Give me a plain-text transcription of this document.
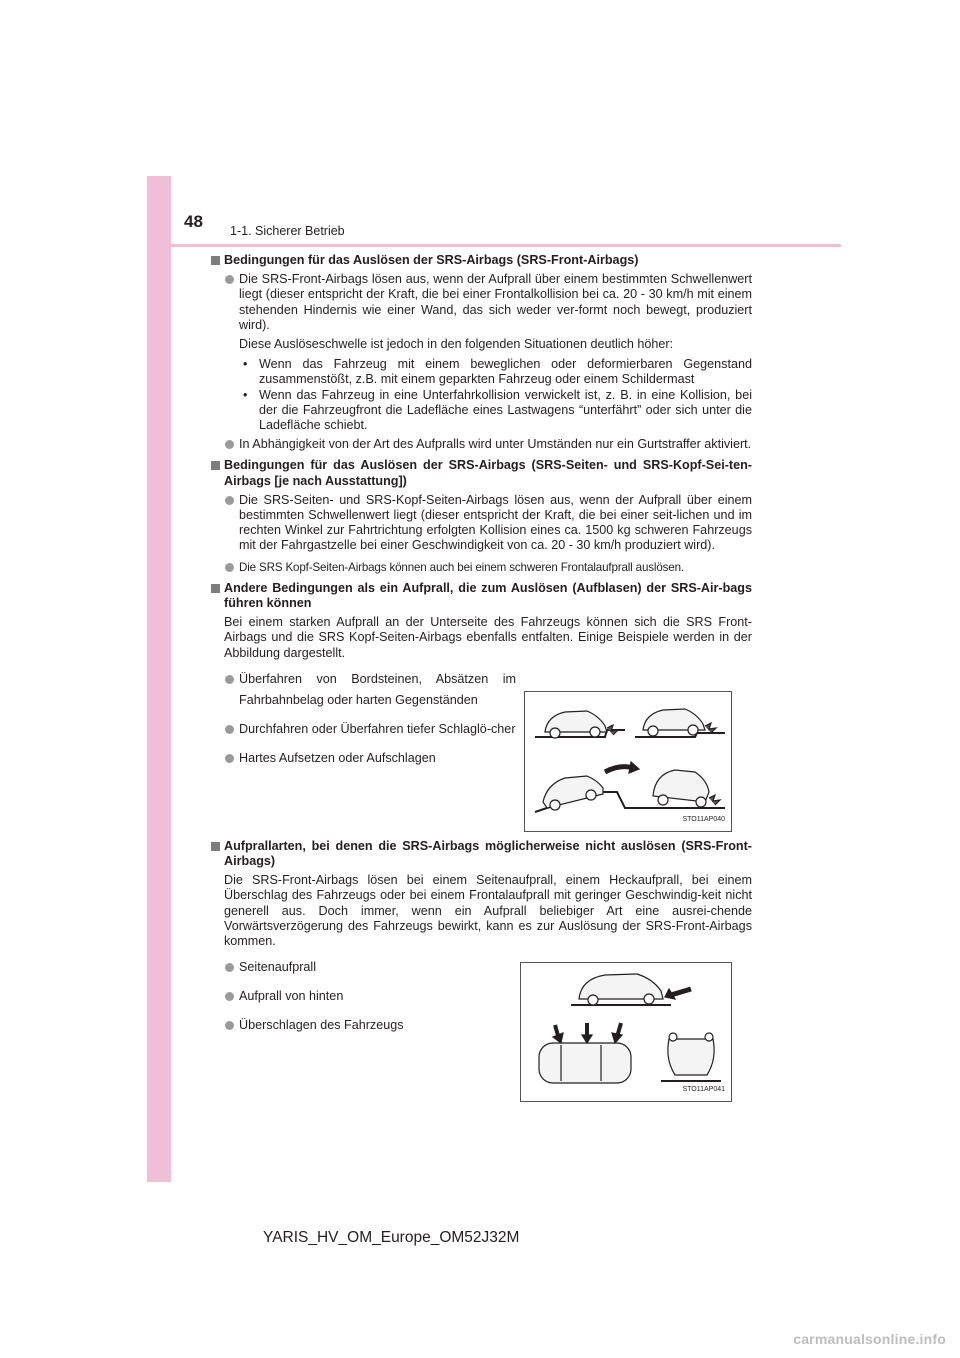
48 1-1. Sicherer Betrieb
Bedingungen für das Auslösen der SRS-Airbags (SRS-Front-Airbags)
Die SRS-Front-Airbags lösen aus, wenn der Aufprall über einem bestimmten Schwellenwert liegt (dieser entspricht der Kraft, die bei einer Frontalkollision bei ca. 20 - 30 km/h mit einem stehenden Hindernis wie einer Wand, das sich weder ver-formt noch bewegt, produziert wird).
Diese Auslöseschwelle ist jedoch in den folgenden Situationen deutlich höher:
• Wenn das Fahrzeug mit einem beweglichen oder deformierbaren Gegenstand zusammenstößt, z.B. mit einem geparkten Fahrzeug oder einem Schildermast
• Wenn das Fahrzeug in eine Unterfahrkollision verwickelt ist, z. B. in eine Kollision, bei der die Fahrzeugfront die Ladefläche eines Lastwagens “unterfährt” oder sich unter die Ladefläche schiebt.
In Abhängigkeit von der Art des Aufpralls wird unter Umständen nur ein Gurtstraffer aktiviert.
Bedingungen für das Auslösen der SRS-Airbags (SRS-Seiten- und SRS-Kopf-Sei-ten-Airbags [je nach Ausstattung])
Die SRS-Seiten- und SRS-Kopf-Seiten-Airbags lösen aus, wenn der Aufprall über einem bestimmten Schwellenwert liegt (dieser entspricht der Kraft, die bei einer seit-lichen und im rechten Winkel zur Fahrtrichtung erfolgten Kollision eines ca. 1500 kg schweren Fahrzeugs mit der Fahrgastzelle bei einer Geschwindigkeit von ca. 20 - 30 km/h produziert wird).
Die SRS Kopf-Seiten-Airbags können auch bei einem schweren Frontalaufprall auslösen.
Andere Bedingungen als ein Aufprall, die zum Auslösen (Aufblasen) der SRS-Air-bags führen können
Bei einem starken Aufprall an der Unterseite des Fahrzeugs können sich die SRS Front-Airbags und die SRS Kopf-Seiten-Airbags ebenfalls entfalten. Einige Beispiele werden in der Abbildung dargestellt.
Überfahren von Bordsteinen, Absätzen im Fahrbahnbelag oder harten Gegenständen
Durchfahren oder Überfahren tiefer Schlaglö-cher
Hartes Aufsetzen oder Aufschlagen
Aufprallarten, bei denen die SRS-Airbags möglicherweise nicht auslösen (SRS-Front-Airbags)
Die SRS-Front-Airbags lösen bei einem Seitenaufprall, einem Heckaufprall, bei einem Überschlag des Fahrzeugs oder bei einem Frontalaufprall mit geringer Geschwindig-keit nicht generell aus. Doch immer, wenn ein Aufprall beliebiger Art eine ausrei-chende Vorwärtsverzögerung des Fahrzeugs bewirkt, kann es zur Auslösung der SRS-Front-Airbags kommen.
Seitenaufprall
Aufprall von hinten
Überschlagen des Fahrzeugs
STO11AP040
STO11AP041
YARIS_HV_OM_Europe_OM52J32M
carmanualsonline.info
